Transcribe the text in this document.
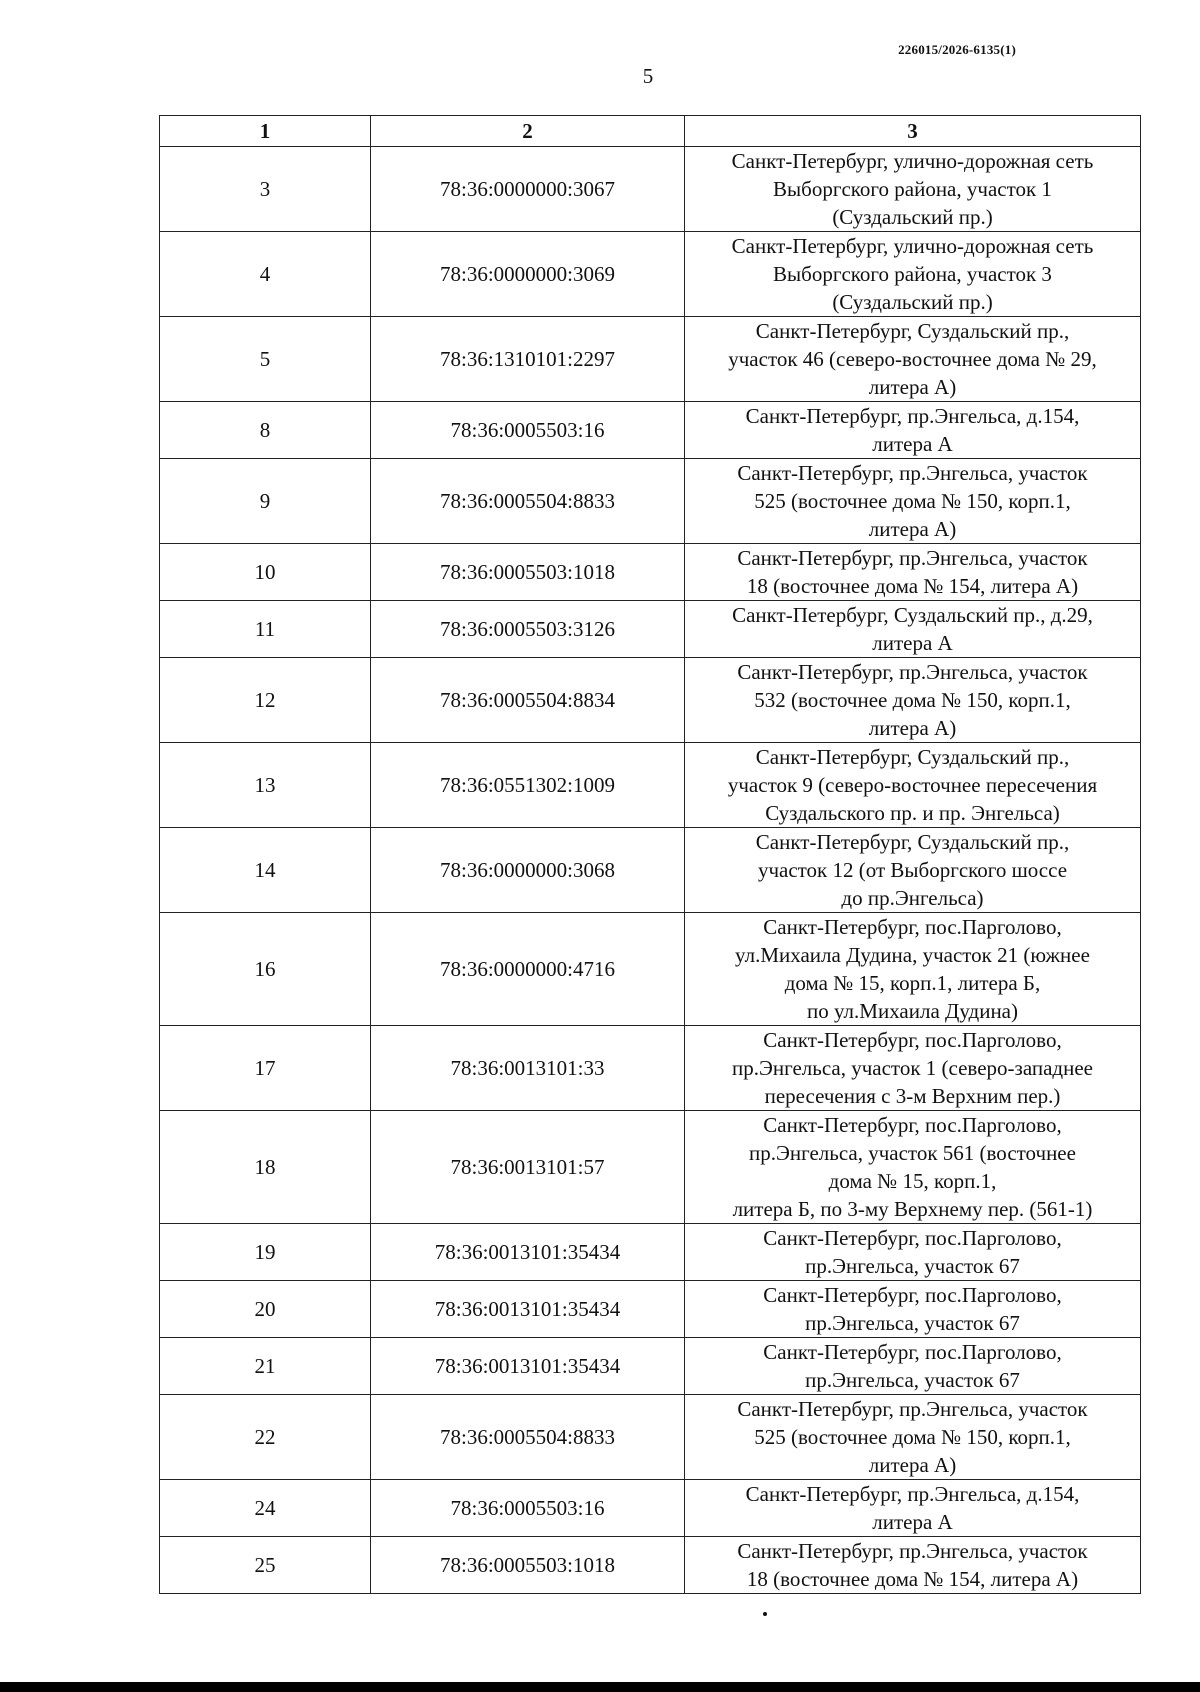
226015/2026-6135(1)
5
1	2	3
3	78:36:0000000:3067	Санкт-Петербург, улично-дорожная сеть
Выборгского района, участок 1
(Суздальский пр.)
4	78:36:0000000:3069	Санкт-Петербург, улично-дорожная сеть
Выборгского района, участок 3
(Суздальский пр.)
5	78:36:1310101:2297	Санкт-Петербург, Суздальский пр.,
участок 46 (северо-восточнее дома № 29,
литера А)
8	78:36:0005503:16	Санкт-Петербург, пр.Энгельса, д.154,
литера А
9	78:36:0005504:8833	Санкт-Петербург, пр.Энгельса, участок
525 (восточнее дома № 150, корп.1,
литера А)
10	78:36:0005503:1018	Санкт-Петербург, пр.Энгельса, участок
18 (восточнее дома № 154, литера А)
11	78:36:0005503:3126	Санкт-Петербург, Суздальский пр., д.29,
литера А
12	78:36:0005504:8834	Санкт-Петербург, пр.Энгельса, участок
532 (восточнее дома № 150, корп.1,
литера А)
13	78:36:0551302:1009	Санкт-Петербург, Суздальский пр.,
участок 9 (северо-восточнее пересечения
Суздальского пр. и пр. Энгельса)
14	78:36:0000000:3068	Санкт-Петербург, Суздальский пр.,
участок 12 (от Выборгского шоссе
до пр.Энгельса)
16	78:36:0000000:4716	Санкт-Петербург, пос.Парголово,
ул.Михаила Дудина, участок 21 (южнее
дома № 15, корп.1, литера Б,
по ул.Михаила Дудина)
17	78:36:0013101:33	Санкт-Петербург, пос.Парголово,
пр.Энгельса, участок 1 (северо-западнее
пересечения с 3-м Верхним пер.)
18	78:36:0013101:57	Санкт-Петербург, пос.Парголово,
пр.Энгельса, участок 561 (восточнее
дома № 15, корп.1,
литера Б, по 3-му Верхнему пер. (561-1)
19	78:36:0013101:35434	Санкт-Петербург, пос.Парголово,
пр.Энгельса, участок 67
20	78:36:0013101:35434	Санкт-Петербург, пос.Парголово,
пр.Энгельса, участок 67
21	78:36:0013101:35434	Санкт-Петербург, пос.Парголово,
пр.Энгельса, участок 67
22	78:36:0005504:8833	Санкт-Петербург, пр.Энгельса, участок
525 (восточнее дома № 150, корп.1,
литера А)
24	78:36:0005503:16	Санкт-Петербург, пр.Энгельса, д.154,
литера А
25	78:36:0005503:1018	Санкт-Петербург, пр.Энгельса, участок
18 (восточнее дома № 154, литера А)
